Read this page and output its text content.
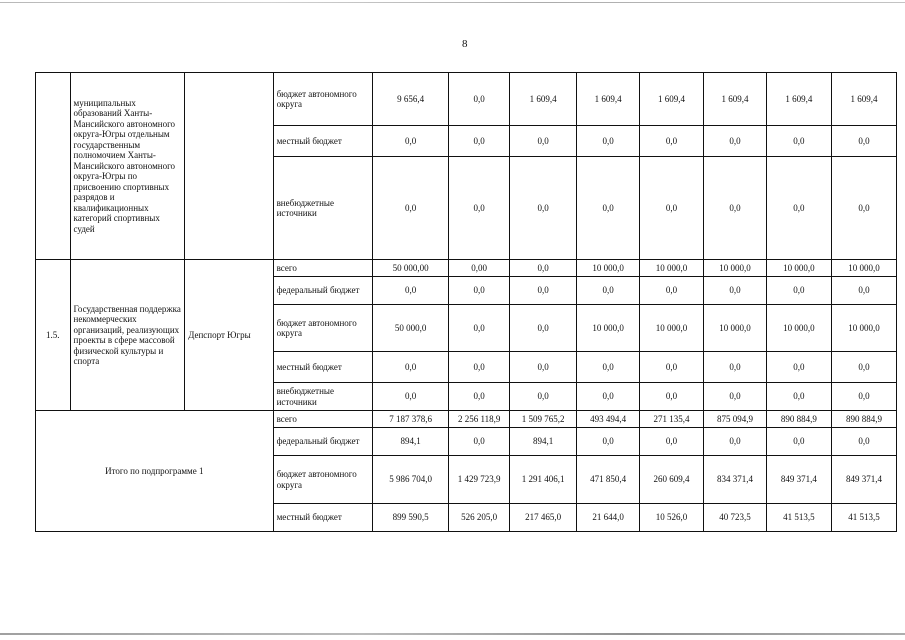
8
	муниципальных образований Ханты-Мансийского автономного округа-Югры отдельным государственным полномочием Ханты-Мансийского автономного округа-Югры по присвоению спортивных разрядов и квалификационных категорий спортивных судей		бюджет автономного округа	9 656,4	0,0	1 609,4	1 609,4	1 609,4	1 609,4	1 609,4	1 609,4
			местный бюджет	0,0	0,0	0,0	0,0	0,0	0,0	0,0	0,0
			внебюджетные источники	0,0	0,0	0,0	0,0	0,0	0,0	0,0	0,0
1.5.	Государственная поддержка некоммерческих организаций, реализующих проекты в сфере массовой физической культуры и спорта	Депспорт Югры	всего	50 000,00	0,00	0,0	10 000,0	10 000,0	10 000,0	10 000,0	10 000,0
			федеральный бюджет	0,0	0,0	0,0	0,0	0,0	0,0	0,0	0,0
			бюджет автономного округа	50 000,0	0,0	0,0	10 000,0	10 000,0	10 000,0	10 000,0	10 000,0
			местный бюджет	0,0	0,0	0,0	0,0	0,0	0,0	0,0	0,0
			внебюджетные источники	0,0	0,0	0,0	0,0	0,0	0,0	0,0	0,0
Итого по подпрограмме 1			всего	7 187 378,6	2 256 118,9	1 509 765,2	493 494,4	271 135,4	875 094,9	890 884,9	890 884,9
			федеральный бюджет	894,1	0,0	894,1	0,0	0,0	0,0	0,0	0,0
			бюджет автономного округа	5 986 704,0	1 429 723,9	1 291 406,1	471 850,4	260 609,4	834 371,4	849 371,4	849 371,4
			местный бюджет	899 590,5	526 205,0	217 465,0	21 644,0	10 526,0	40 723,5	41 513,5	41 513,5
